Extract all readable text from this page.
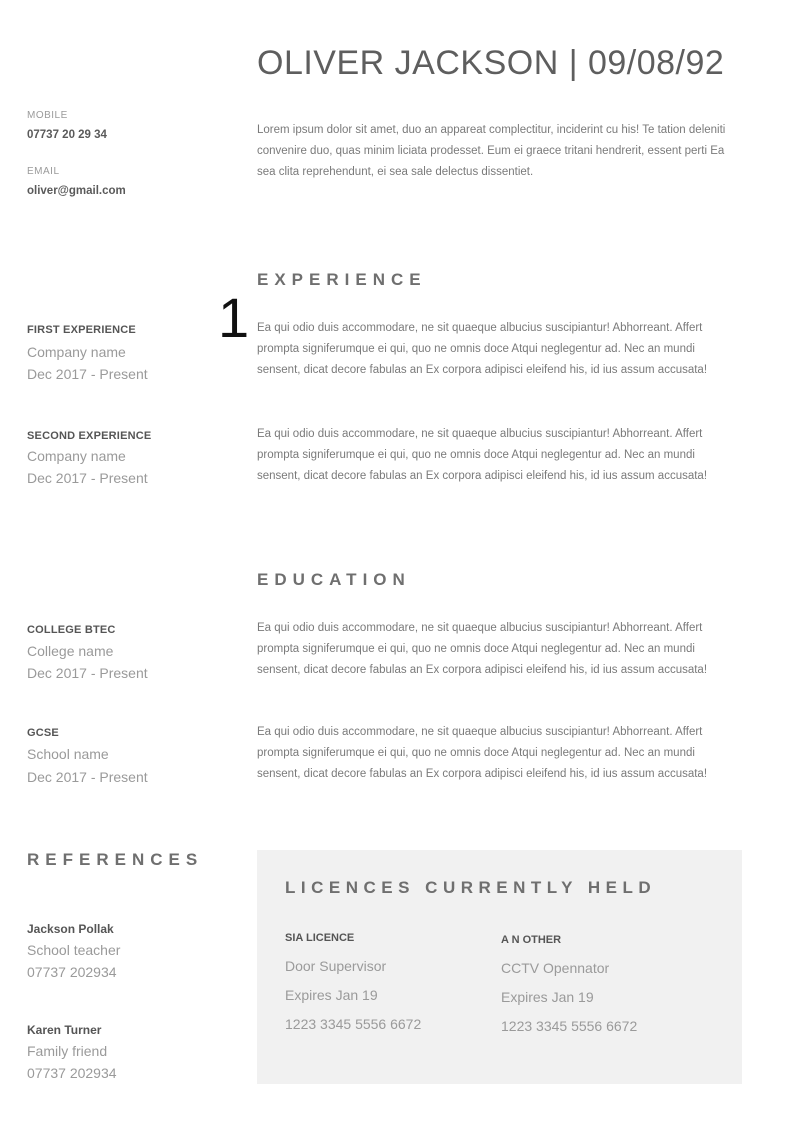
OLIVER JACKSON | 09/08/92
MOBILE
07737 20 29 34
EMAIL
oliver@gmail.com
Lorem ipsum dolor sit amet, duo an appareat complectitur, inciderint cu his! Te tation deleniti convenire duo, quas minim liciata prodesset. Eum ei graece tritani hendrerit, essent perti Ea sea clita reprehendunt, ei sea sale delectus dissentiet.
EXPERIENCE
1
FIRST EXPERIENCE
Company name
Dec 2017 - Present
Ea qui odio duis accommodare, ne sit quaeque albucius suscipiantur! Abhorreant. Affert prompta signiferumque ei qui, quo ne omnis doce Atqui neglegentur ad. Nec an mundi sensent, dicat decore fabulas an Ex corpora adipisci eleifend his, id ius assum accusata!
SECOND EXPERIENCE
Company name
Dec 2017 - Present
Ea qui odio duis accommodare, ne sit quaeque albucius suscipiantur! Abhorreant. Affert prompta signiferumque ei qui, quo ne omnis doce Atqui neglegentur ad. Nec an mundi sensent, dicat decore fabulas an Ex corpora adipisci eleifend his, id ius assum accusata!
EDUCATION
COLLEGE BTEC
College name
Dec 2017 - Present
Ea qui odio duis accommodare, ne sit quaeque albucius suscipiantur! Abhorreant. Affert prompta signiferumque ei qui, quo ne omnis doce Atqui neglegentur ad. Nec an mundi sensent, dicat decore fabulas an Ex corpora adipisci eleifend his, id ius assum accusata!
GCSE
School name
Dec 2017 - Present
Ea qui odio duis accommodare, ne sit quaeque albucius suscipiantur! Abhorreant. Affert prompta signiferumque ei qui, quo ne omnis doce Atqui neglegentur ad. Nec an mundi sensent, dicat decore fabulas an Ex corpora adipisci eleifend his, id ius assum accusata!
REFERENCES
Jackson Pollak
School teacher
07737 202934
Karen Turner
Family friend
07737 202934
LICENCES CURRENTLY HELD
SIA LICENCE
Door Supervisor
Expires Jan 19
1223 3345 5556 6672
A N OTHER
CCTV Opennator
Expires Jan 19
1223 3345 5556 6672
